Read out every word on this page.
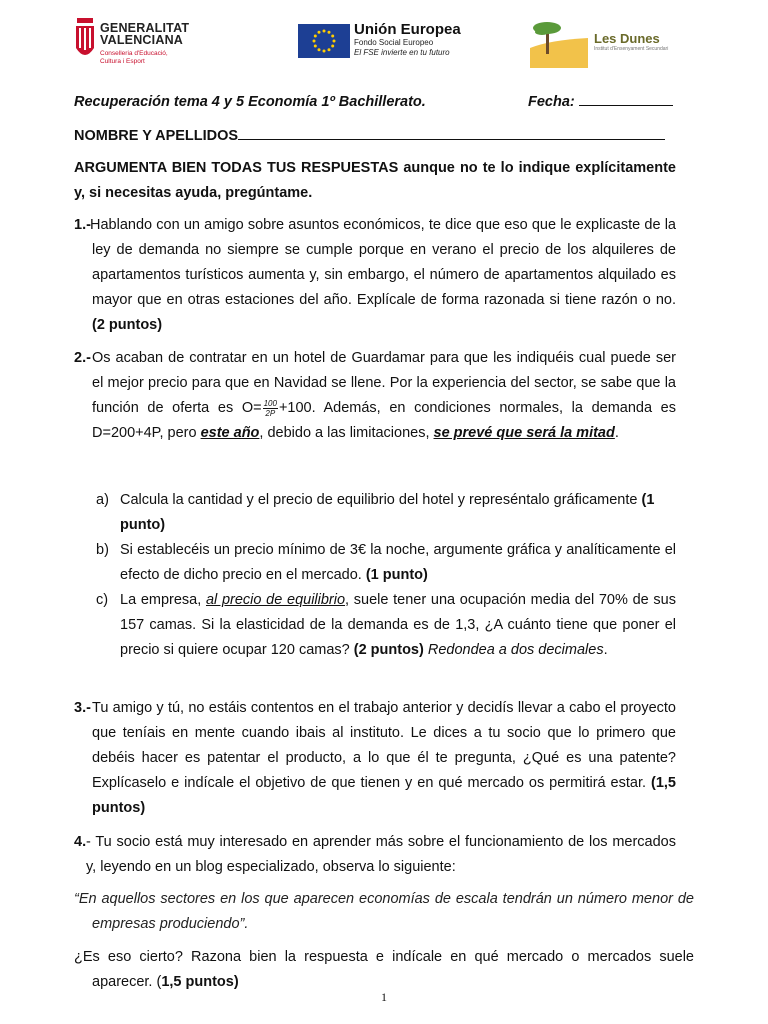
GENERALITAT
VALENCIANA
Conselleria d'Educació,
Cultura i Esport
Unión Europea
Fondo Social Europeo
El FSE invierte en tu futuro
Les Dunes
Institut d'Ensenyament Secundari
Recuperación tema 4 y 5 Economía 1º Bachillerato.	Fecha:
NOMBRE Y APELLIDOS
ARGUMENTA BIEN TODAS TUS RESPUESTAS aunque no te lo indique explícitamente y, si necesitas ayuda, pregúntame.
1.- Hablando con un amigo sobre asuntos económicos, te dice que eso que le explicaste de la ley de demanda no siempre se cumple porque en verano el precio de los alquileres de apartamentos turísticos aumenta y, sin embargo, el número de apartamentos alquilado es mayor que en otras estaciones del año. Explícale de forma razonada si tiene razón o no. (2 puntos)
2.- Os acaban de contratar en un hotel de Guardamar para que les indiquéis cual puede ser el mejor precio para que en Navidad se llene. Por la experiencia del sector, se sabe que la función de oferta es $O= \frac{100}{2P} +100$. Además, en condiciones normales, la demanda es D=200+4P, pero este año, debido a las limitaciones, se prevé que será la mitad.
a) Calcula la cantidad y el precio de equilibrio del hotel y represéntalo gráficamente (1 punto)
b) Si establecéis un precio mínimo de 3€ la noche, argumente gráfica y analíticamente el efecto de dicho precio en el mercado. (1 punto)
c) La empresa, al precio de equilibrio, suele tener una ocupación media del 70% de sus 157 camas. Si la elasticidad de la demanda es de 1,3, ¿A cuánto tiene que poner el precio si quiere ocupar 120 camas? (2 puntos) Redondea a dos decimales.
3.- Tu amigo y tú, no estáis contentos en el trabajo anterior y decidís llevar a cabo el proyecto que teníais en mente cuando ibais al instituto. Le dices a tu socio que lo primero que debéis hacer es patentar el producto, a lo que él te pregunta, ¿Qué es una patente? Explícaselo e indícale el objetivo de que tienen y en qué mercado os permitirá estar. (1,5 puntos)
4. - Tu socio está muy interesado en aprender más sobre el funcionamiento de los mercados y, leyendo en un blog especializado, observa lo siguiente:
“En aquellos sectores en los que aparecen economías de escala tendrán un número menor de empresas produciendo”.
¿Es eso cierto? Razona bien la respuesta e indícale en qué mercado o mercados suele aparecer. (1,5 puntos)
1
